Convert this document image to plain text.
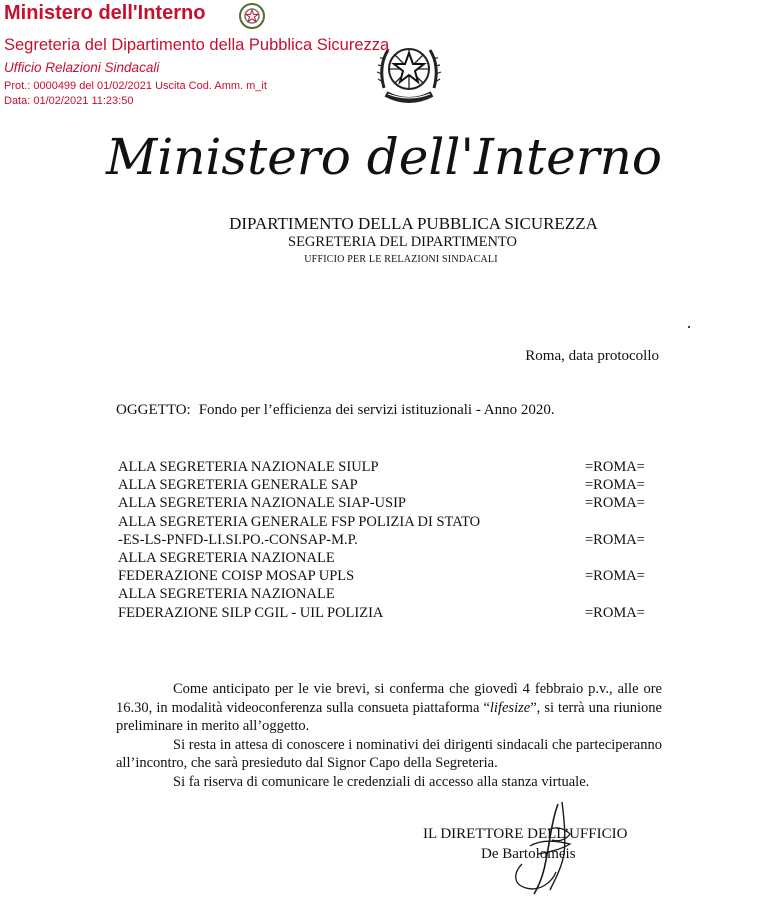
Ministero dell'Interno
Segreteria del Dipartimento della Pubblica Sicurezza
Ufficio Relazioni Sindacali
Prot.: 0000499 del 01/02/2021 Uscita Cod. Amm. m_it
Data: 01/02/2021 11:23:50
Ministero dell'Interno
DIPARTIMENTO DELLA PUBBLICA SICUREZZA
SEGRETERIA DEL DIPARTIMENTO
UFFICIO PER LE RELAZIONI SINDACALI
Roma, data protocollo
OGGETTO: Fondo per l’efficienza dei servizi istituzionali - Anno 2020.
ALLA SEGRETERIA NAZIONALE SIULP	=ROMA=
ALLA SEGRETERIA GENERALE SAP	=ROMA=
ALLA SEGRETERIA NAZIONALE SIAP-USIP	=ROMA=
ALLA SEGRETERIA GENERALE FSP POLIZIA DI STATO
-ES-LS-PNFD-LI.SI.PO.-CONSAP-M.P.	=ROMA=
ALLA SEGRETERIA NAZIONALE
FEDERAZIONE COISP MOSAP UPLS	=ROMA=
ALLA SEGRETERIA NAZIONALE
FEDERAZIONE SILP CGIL - UIL POLIZIA	=ROMA=

Come anticipato per le vie brevi, si conferma che giovedì 4 febbraio p.v., alle ore 16.30, in modalità videoconferenza sulla consueta piattaforma “lifesize”, si terrà una riunione preliminare in merito all’oggetto.

Si resta in attesa di conoscere i nominativi dei dirigenti sindacali che parteciperanno all’incontro, che sarà presieduto dal Signor Capo della Segreteria.

Si fa riserva di comunicare le credenziali di accesso alla stanza virtuale.

IL DIRETTORE DELL’UFFICIO
De Bartolomeis
